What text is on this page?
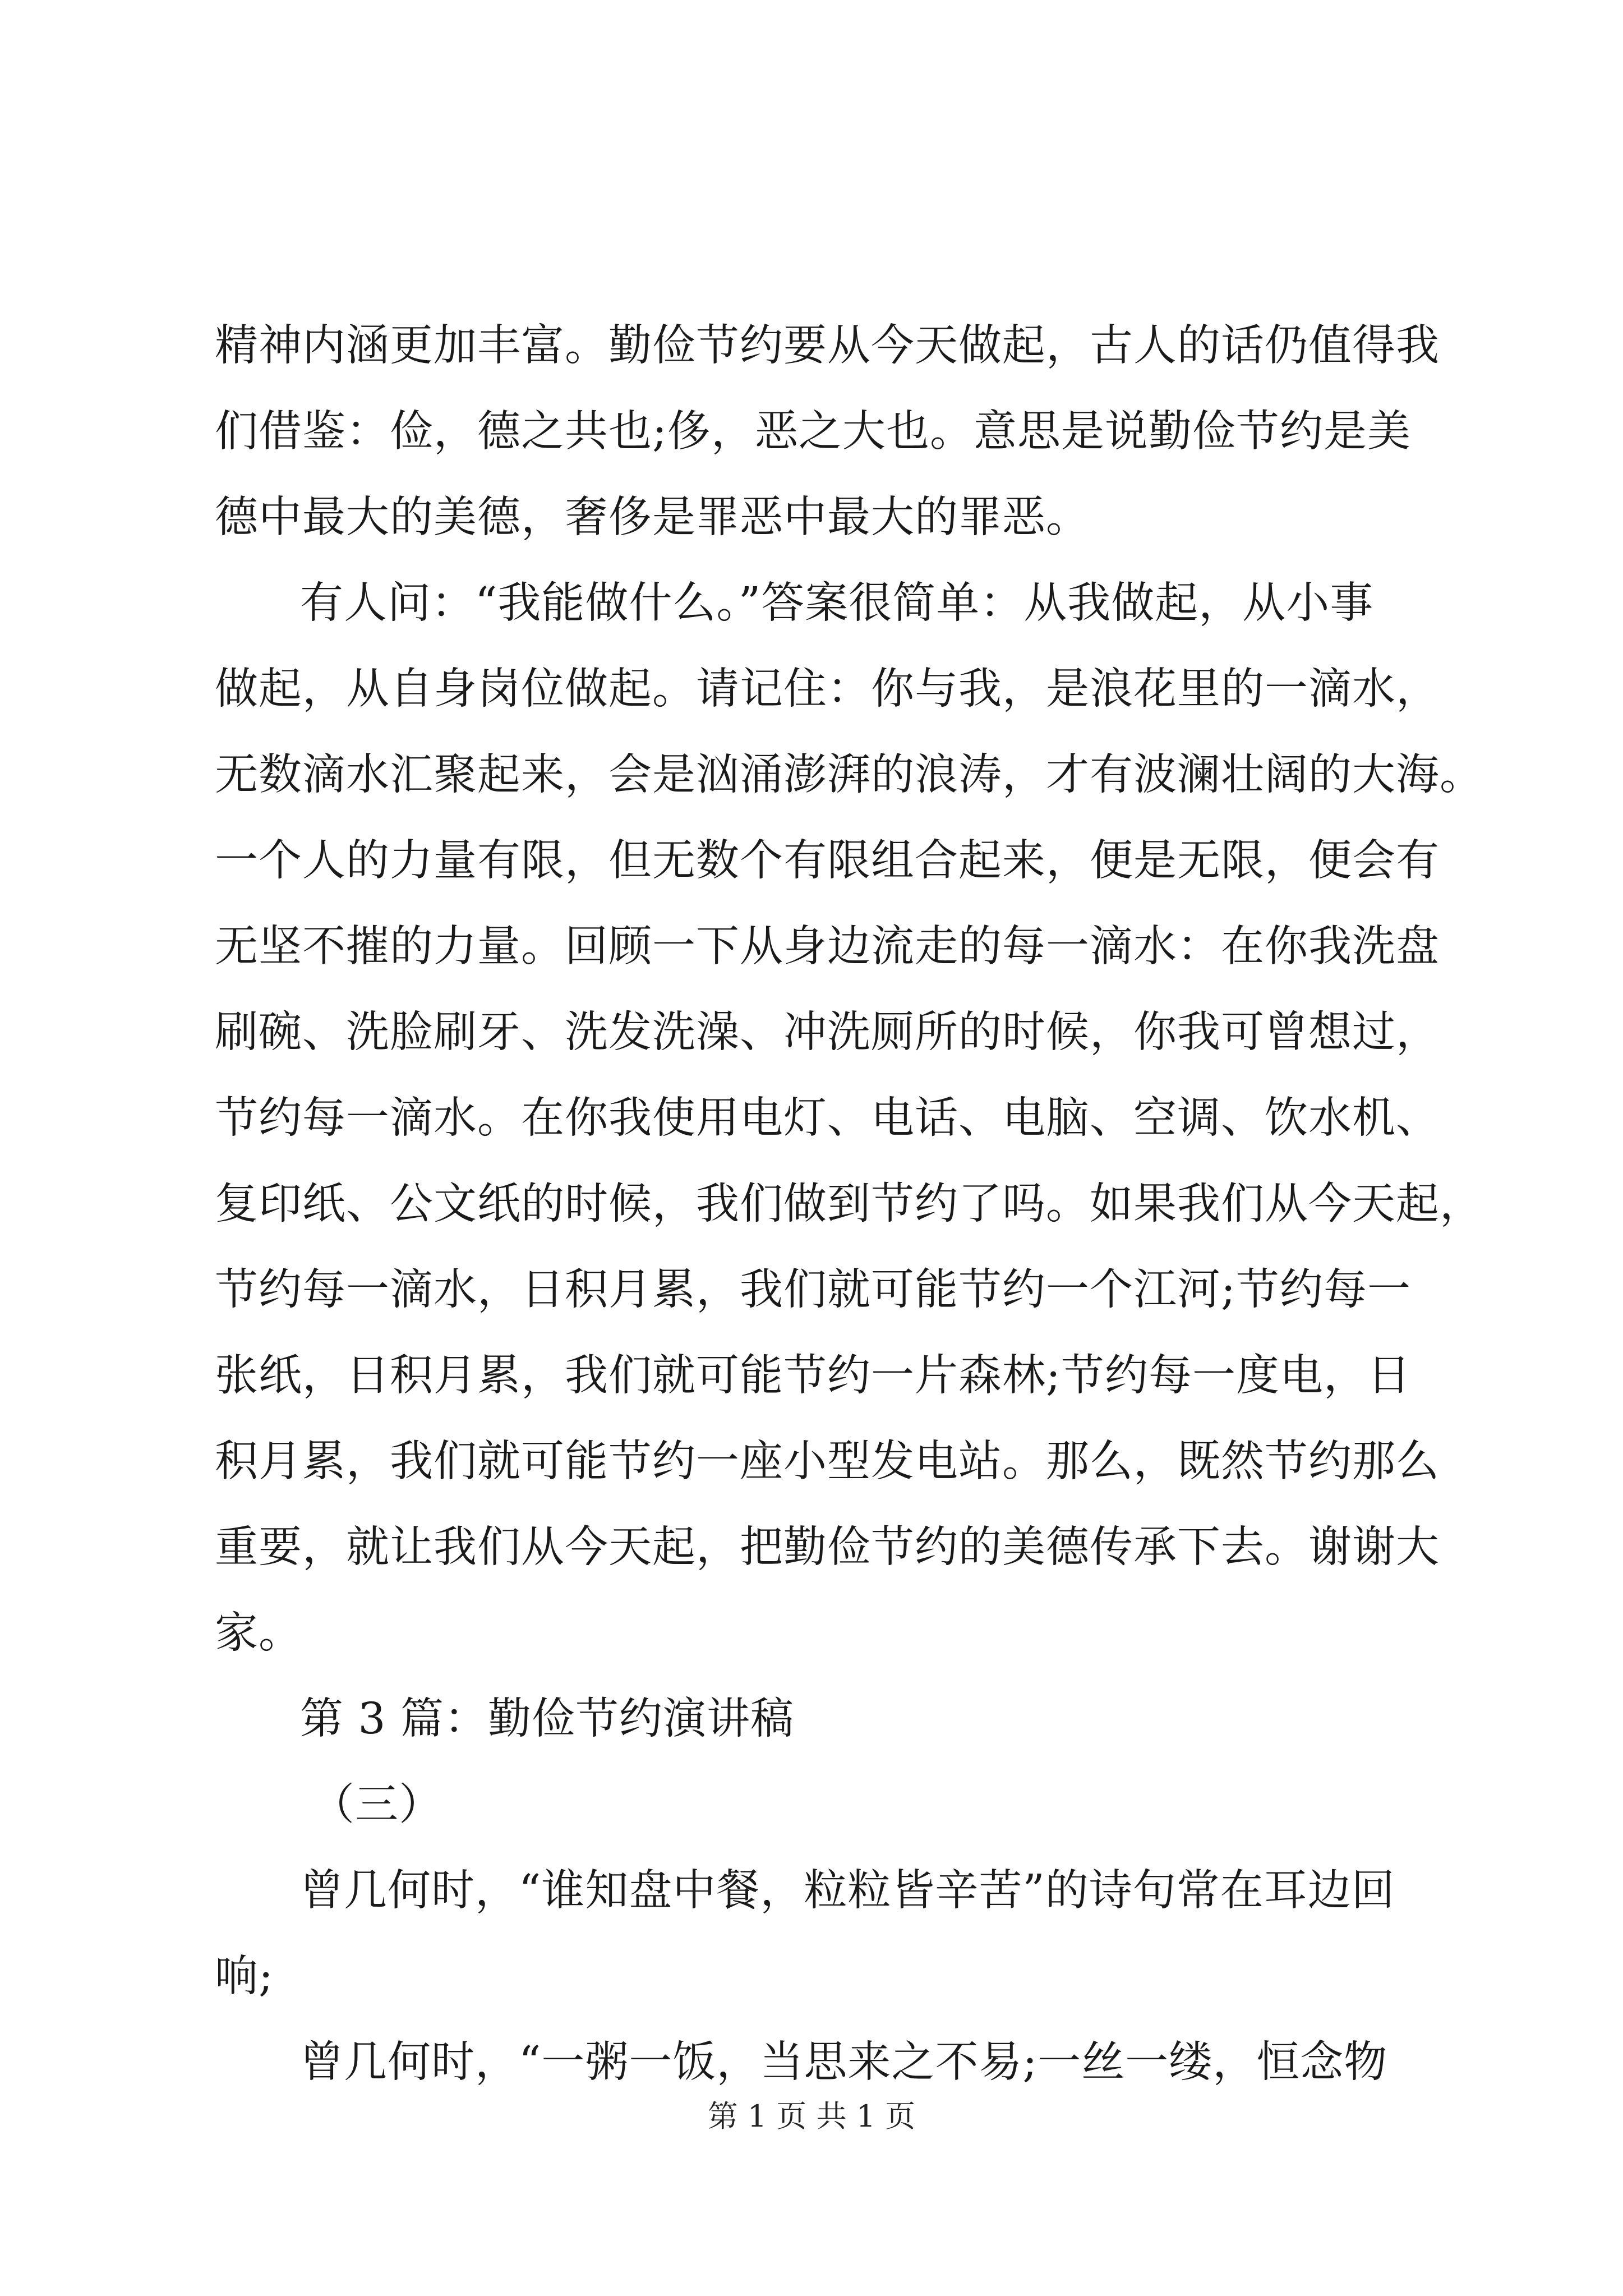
精神内涵更加丰富。勤俭节约要从今天做起，古人的话仍值得我
们借鉴：俭，德之共也;侈，恶之大也。意思是说勤俭节约是美
德中最大的美德，奢侈是罪恶中最大的罪恶。
有人问：“我能做什么。”答案很简单：从我做起，从小事
做起，从自身岗位做起。请记住：你与我，是浪花里的一滴水，
无数滴水汇聚起来，会是汹涌澎湃的浪涛，才有波澜壮阔的大海。
一个人的力量有限，但无数个有限组合起来，便是无限，便会有
无坚不摧的力量。回顾一下从身边流走的每一滴水：在你我洗盘
刷碗、洗脸刷牙、洗发洗澡、冲洗厕所的时候，你我可曾想过，
节约每一滴水。在你我使用电灯、电话、电脑、空调、饮水机、
复印纸、公文纸的时候，我们做到节约了吗。如果我们从今天起，
节约每一滴水，日积月累，我们就可能节约一个江河;节约每一
张纸，日积月累，我们就可能节约一片森林;节约每一度电，日
积月累，我们就可能节约一座小型发电站。那么，既然节约那么
重要，就让我们从今天起，把勤俭节约的美德传承下去。谢谢大
家。
第 3 篇：勤俭节约演讲稿
（三）
曾几何时，“谁知盘中餐，粒粒皆辛苦”的诗句常在耳边回
响;
曾几何时，“一粥一饭，当思来之不易;一丝一缕，恒念物
第 1 页 共 1 页
